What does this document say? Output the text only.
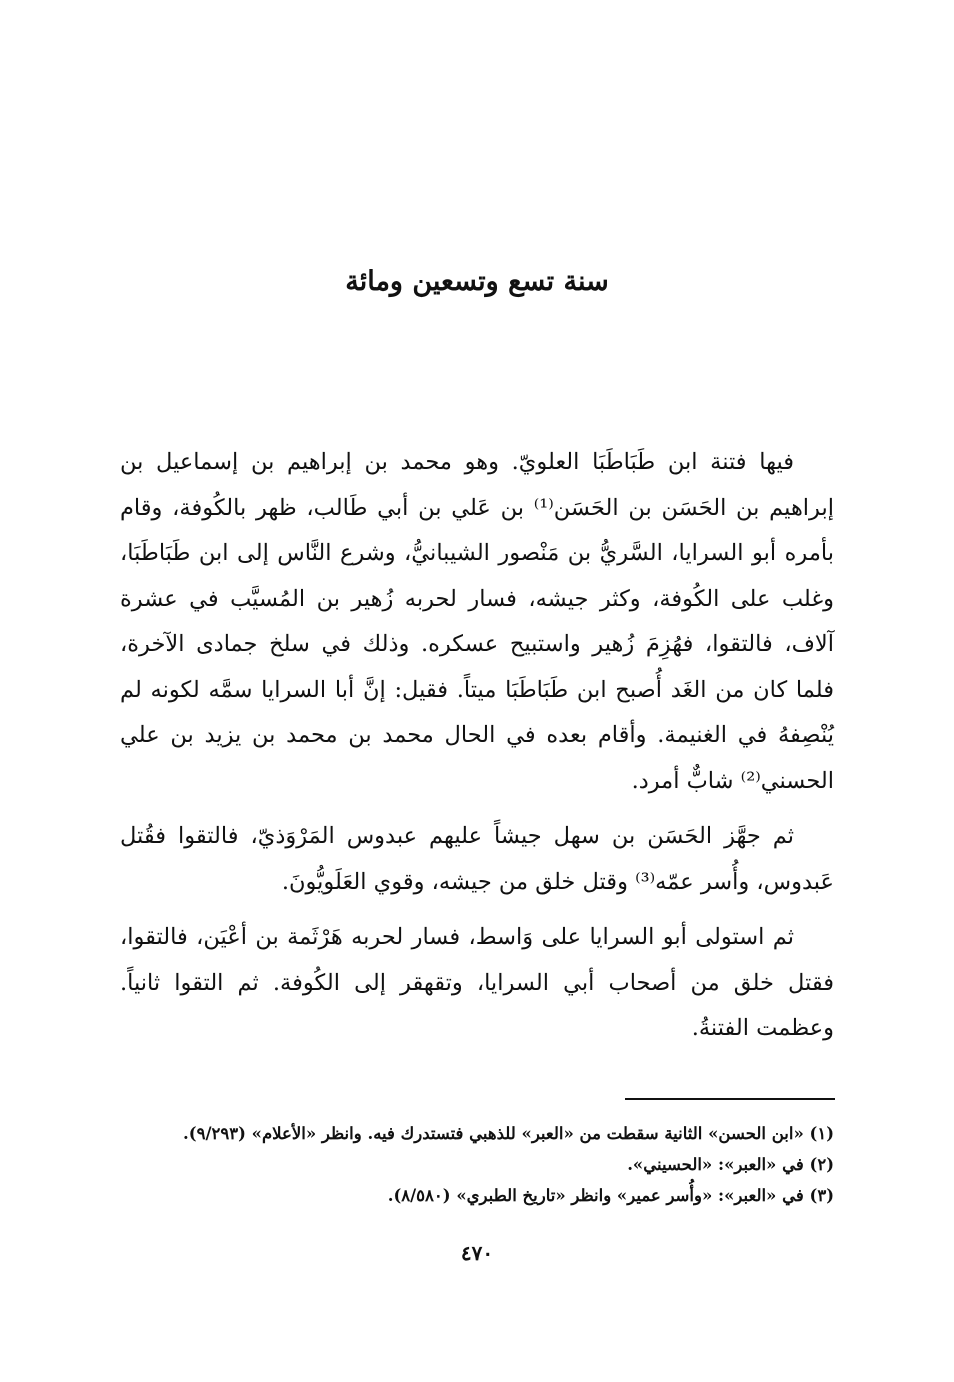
سنة تسع وتسعين ومائة

فيها فتنة ابن طَبَاطَبَا العلويّ. وهو محمد بن إبراهيم بن إسماعيل بن إبراهيم بن الحَسَن بن الحَسَن⁽¹⁾ بن عَلي بن أبي طَالب، ظهر بالكُوفة، وقام بأمره أبو السرايا، السَّريُّ بن مَنْصور الشيبانيُّ، وشرع النَّاس إلى ابن طَبَاطَبَا، وغلب على الكُوفة، وكثر جيشه، فسار لحربه زُهير بن المُسيَّب في عشرة آلاف، فالتقوا، فهُزِمَ زُهير واستبيح عسكره. وذلك في سلخ جمادى الآخرة، فلما كان من الغَد أُصبح ابن طَبَاطَبَا ميتاً. فقيل: إنَّ أبا السرايا سمَّه لكونه لم يُنْصِفهُ في الغنيمة. وأقام بعده في الحال محمد بن محمد بن يزيد بن علي الحسني⁽²⁾ شابٌّ أمرد.

ثم جهَّز الحَسَن بن سهل جيشاً عليهم عبدوس المَرْوَذيّ، فالتقوا فقُتل عَبدوس، وأُسر عمّه⁽³⁾ وقتل خلق من جيشه، وقوي العَلَويُّونَ.

ثم استولى أبو السرايا على وَاسط، فسار لحربه هَرْثَمة بن أعْيَن، فالتقوا، فقتل خلق من أصحاب أبي السرايا، وتقهقر إلى الكُوفة. ثم التقوا ثانياً. وعظمت الفتنةُ.

(١) «ابن الحسن» الثانية سقطت من «العبر» للذهبي فتستدرك فيه. وانظر «الأعلام» (٩/٢٩٣).

(٢) في «العبر»: «الحسيني».

(٣) في «العبر»: «وأُسر عمير» وانظر «تاريخ الطبري» (٨/٥٨٠).

٤٧٠
